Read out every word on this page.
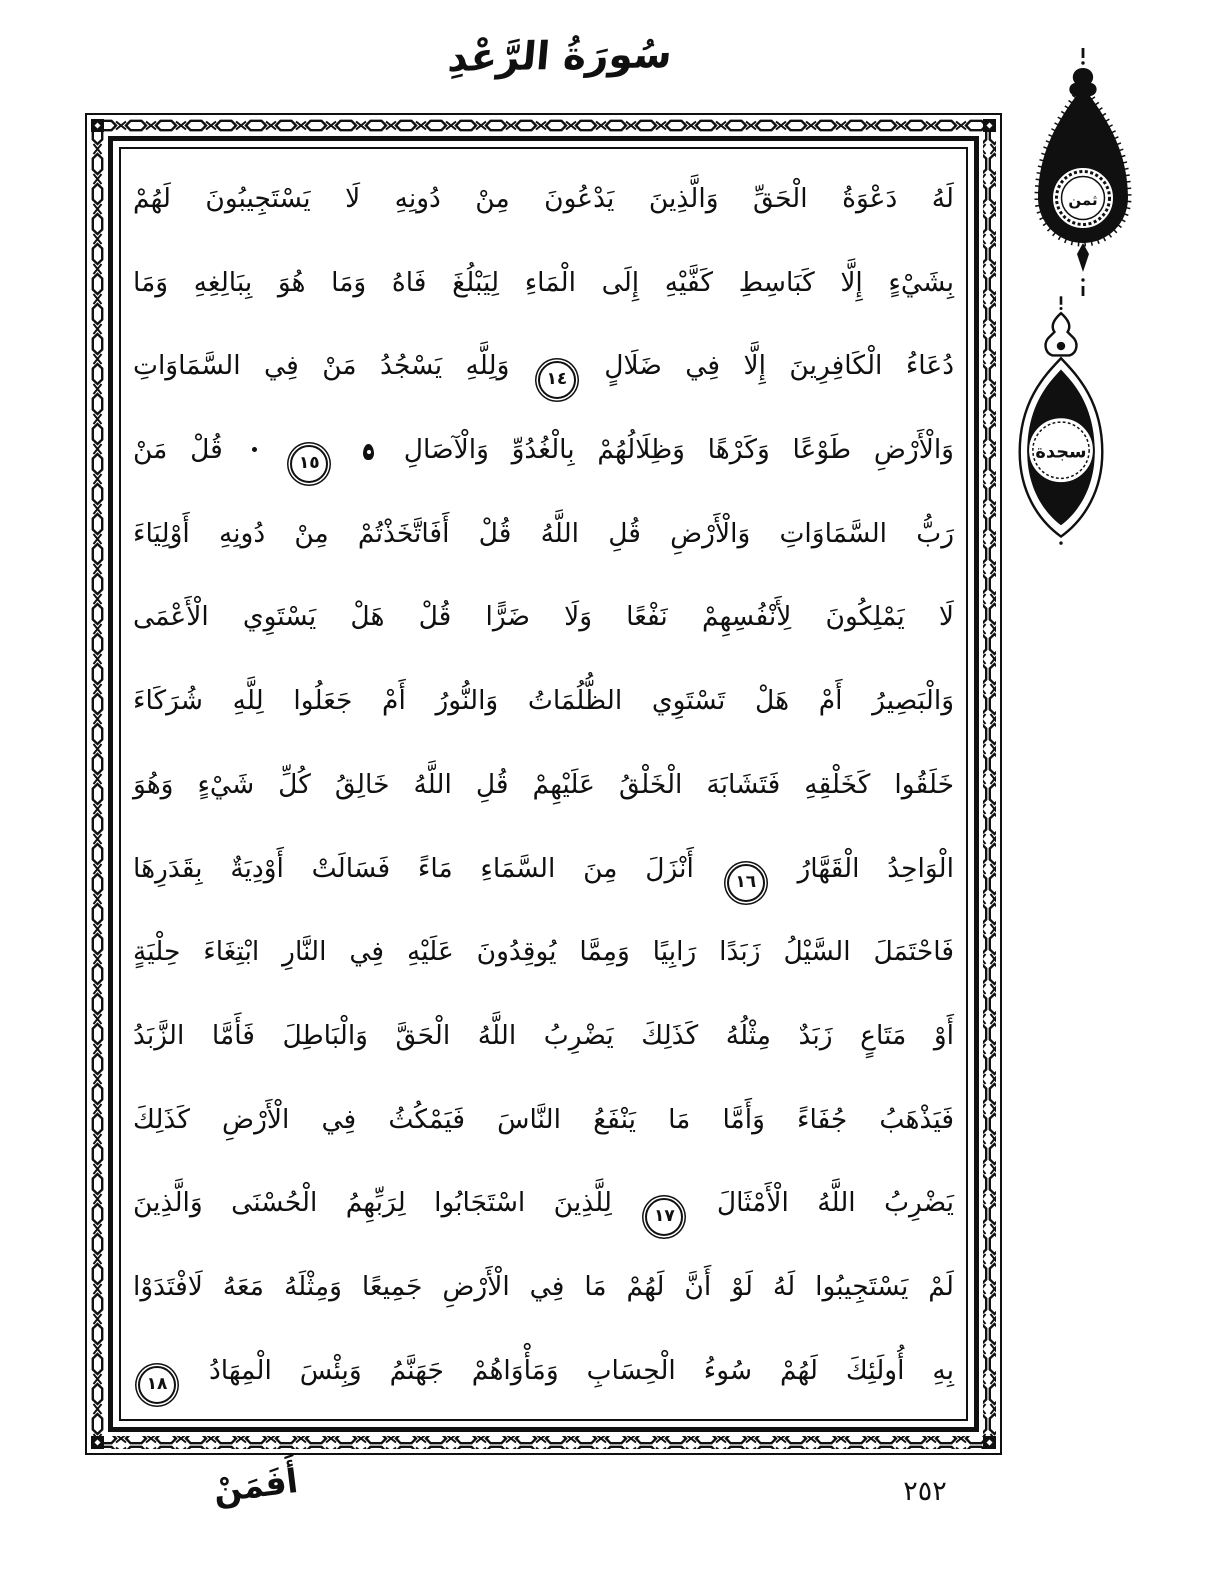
سُورَةُ الرَّعْدِ
لَهُ دَعْوَةُ الْحَقِّ وَالَّذِينَ يَدْعُونَ مِنْ دُونِهِ لَا يَسْتَجِيبُونَ لَهُمْ
بِشَيْءٍ إِلَّا كَبَاسِطِ كَفَّيْهِ إِلَى الْمَاءِ لِيَبْلُغَ فَاهُ وَمَا هُوَ بِبَالِغِهِ وَمَا
دُعَاءُ الْكَافِرِينَ إِلَّا فِي ضَلَالٍ
١٤
وَلِلَّهِ يَسْجُدُ مَنْ فِي السَّمَاوَاتِ
وَالْأَرْضِ طَوْعًا وَكَرْهًا وَظِلَالُهُمْ بِالْغُدُوِّ وَالْآصَالِ
١٥
قُلْ مَنْ
رَبُّ السَّمَاوَاتِ وَالْأَرْضِ قُلِ اللَّهُ قُلْ أَفَاتَّخَذْتُمْ مِنْ دُونِهِ أَوْلِيَاءَ
لَا يَمْلِكُونَ لِأَنْفُسِهِمْ نَفْعًا وَلَا ضَرًّا قُلْ هَلْ يَسْتَوِي الْأَعْمَى
وَالْبَصِيرُ أَمْ هَلْ تَسْتَوِي الظُّلُمَاتُ وَالنُّورُ أَمْ جَعَلُوا لِلَّهِ شُرَكَاءَ
خَلَقُوا كَخَلْقِهِ فَتَشَابَهَ الْخَلْقُ عَلَيْهِمْ قُلِ اللَّهُ خَالِقُ كُلِّ شَيْءٍ وَهُوَ
الْوَاحِدُ الْقَهَّارُ
١٦
أَنْزَلَ مِنَ السَّمَاءِ مَاءً فَسَالَتْ أَوْدِيَةٌ بِقَدَرِهَا
فَاحْتَمَلَ السَّيْلُ زَبَدًا رَابِيًا وَمِمَّا يُوقِدُونَ عَلَيْهِ فِي النَّارِ ابْتِغَاءَ حِلْيَةٍ
أَوْ مَتَاعٍ زَبَدٌ مِثْلُهُ كَذَلِكَ يَضْرِبُ اللَّهُ الْحَقَّ وَالْبَاطِلَ فَأَمَّا الزَّبَدُ
فَيَذْهَبُ جُفَاءً وَأَمَّا مَا يَنْفَعُ النَّاسَ فَيَمْكُثُ فِي الْأَرْضِ كَذَلِكَ
يَضْرِبُ اللَّهُ الْأَمْثَالَ
١٧
لِلَّذِينَ اسْتَجَابُوا لِرَبِّهِمُ الْحُسْنَى وَالَّذِينَ
لَمْ يَسْتَجِيبُوا لَهُ لَوْ أَنَّ لَهُمْ مَا فِي الْأَرْضِ جَمِيعًا وَمِثْلَهُ مَعَهُ لَافْتَدَوْا
بِهِ أُولَئِكَ لَهُمْ سُوءُ الْحِسَابِ وَمَأْوَاهُمْ جَهَنَّمُ وَبِئْسَ الْمِهَادُ
١٨
ثمن
سجدة
أَفَمَنْ	٢٥٢
